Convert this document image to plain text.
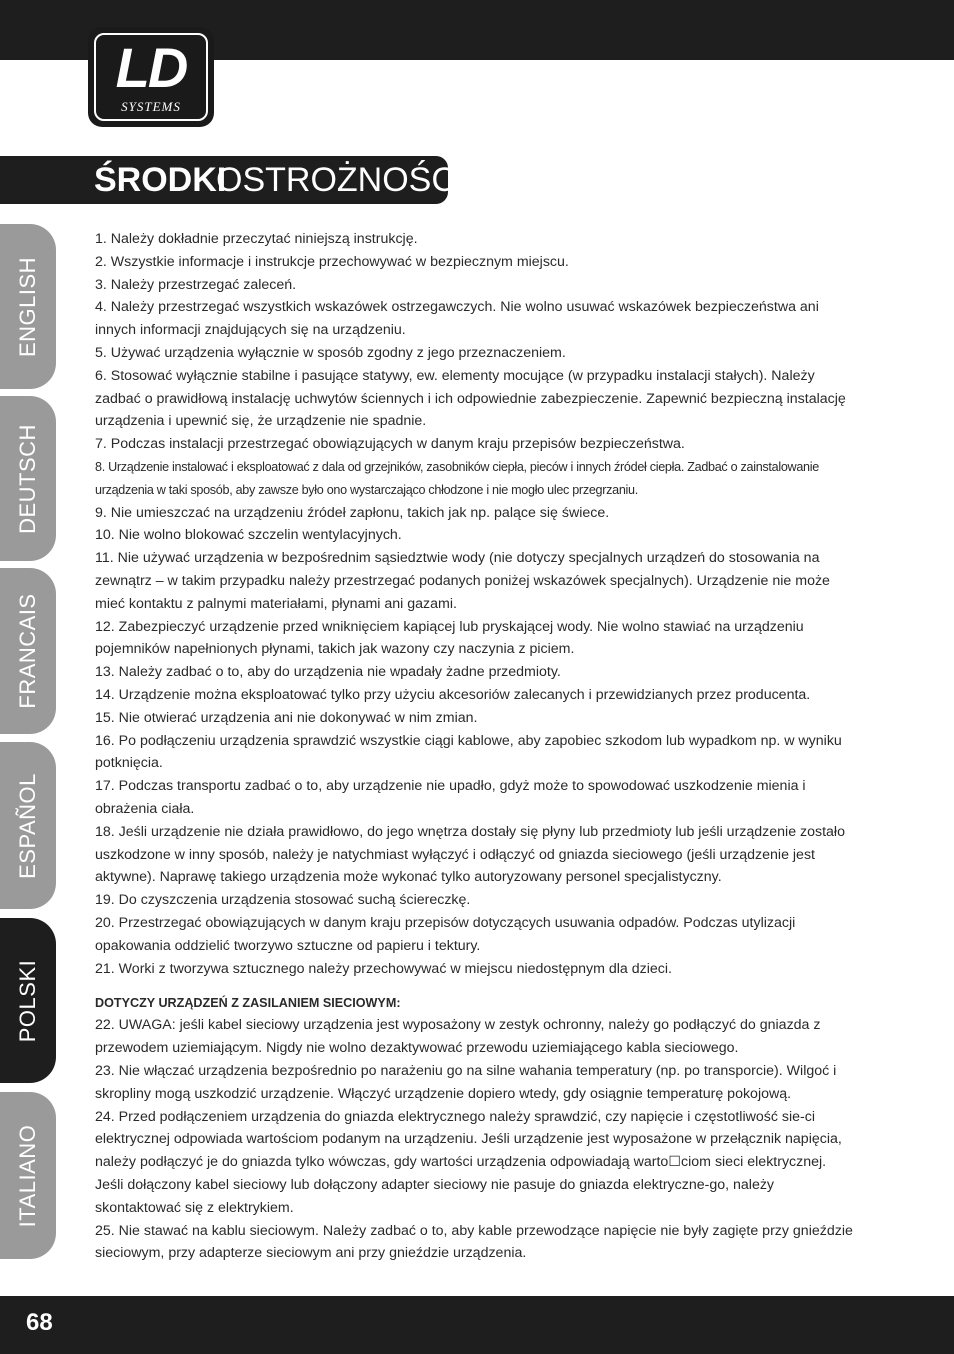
LD
SYSTEMS
ŚRODKI
OSTROŻNOŚCI:
ENGLISH
DEUTSCH
FRANCAIS
ESPAÑOL
POLSKI
ITALIANO

1. Należy dokładnie przeczytać niniejszą instrukcję.

2. Wszystkie informacje i instrukcje przechowywać w bezpiecznym miejscu.

3. Należy przestrzegać zaleceń.

4. Należy przestrzegać wszystkich wskazówek ostrzegawczych. Nie wolno usuwać wskazówek bezpieczeństwa ani innych informacji znajdujących się na urządzeniu.

5. Używać urządzenia wyłącznie w sposób zgodny z jego przeznaczeniem.

6. Stosować wyłącznie stabilne i pasujące statywy, ew. elementy mocujące (w przypadku instalacji stałych). Należy zadbać o prawidłową instalację uchwytów ściennych i ich odpowiednie zabezpieczenie. Zapewnić bezpieczną instalację urządzenia i upewnić się, że urządzenie nie spadnie.

7. Podczas instalacji przestrzegać obowiązujących w danym kraju przepisów bezpieczeństwa.

8. Urządzenie instalować i eksploatować z dala od grzejników, zasobników ciepła, pieców i innych źródeł ciepła. Zadbać o zainstalowanie urządzenia w taki sposób, aby zawsze było ono wystarczająco chłodzone i nie mogło ulec przegrzaniu.

9. Nie umieszczać na urządzeniu źródeł zapłonu, takich jak np. palące się świece.

10. Nie wolno blokować szczelin wentylacyjnych.

11. Nie używać urządzenia w bezpośrednim sąsiedztwie wody (nie dotyczy specjalnych urządzeń do stosowania na zewnątrz – w takim przypadku należy przestrzegać podanych poniżej wskazówek specjalnych). Urządzenie nie może mieć kontaktu z palnymi materiałami, płynami ani gazami.

12. Zabezpieczyć urządzenie przed wniknięciem kapiącej lub pryskającej wody. Nie wolno stawiać na urządzeniu pojemników napełnionych płynami, takich jak wazony czy naczynia z piciem.

13. Należy zadbać o to, aby do urządzenia nie wpadały żadne przedmioty.

14. Urządzenie można eksploatować tylko przy użyciu akcesoriów zalecanych i przewidzianych przez producenta.

15. Nie otwierać urządzenia ani nie dokonywać w nim zmian.

16. Po podłączeniu urządzenia sprawdzić wszystkie ciągi kablowe, aby zapobiec szkodom lub wypadkom np. w wyniku potknięcia.

17. Podczas transportu zadbać o to, aby urządzenie nie upadło, gdyż może to spowodować uszkodzenie mienia i obrażenia ciała.

18. Jeśli urządzenie nie działa prawidłowo, do jego wnętrza dostały się płyny lub przedmioty lub jeśli urządzenie zostało uszkodzone w inny sposób, należy je natychmiast wyłączyć i odłączyć od gniazda sieciowego (jeśli urządzenie jest aktywne). Naprawę takiego urządzenia może wykonać tylko autoryzowany personel specjalistyczny.

19. Do czyszczenia urządzenia stosować suchą ściereczkę.

20. Przestrzegać obowiązujących w danym kraju przepisów dotyczących usuwania odpadów. Podczas utylizacji opakowania oddzielić tworzywo sztuczne od papieru i tektury.

21. Worki z tworzywa sztucznego należy przechowywać w miejscu niedostępnym dla dzieci.

DOTYCZY URZĄDZEŃ Z ZASILANIEM SIECIOWYM:

22. UWAGA: jeśli kabel sieciowy urządzenia jest wyposażony w zestyk ochronny, należy go podłączyć do gniazda z przewodem uziemiającym. Nigdy nie wolno dezaktywować przewodu uziemiającego kabla sieciowego.

23. Nie włączać urządzenia bezpośrednio po narażeniu go na silne wahania temperatury (np. po transporcie). Wilgoć i skropliny mogą uszkodzić urządzenie. Włączyć urządzenie dopiero wtedy, gdy osiągnie temperaturę pokojową.

24. Przed podłączeniem urządzenia do gniazda elektrycznego należy sprawdzić, czy napięcie i częstotliwość sie-ci elektrycznej odpowiada wartościom podanym na urządzeniu. Jeśli urządzenie jest wyposażone w przełącznik napięcia, należy podłączyć je do gniazda tylko wówczas, gdy wartości urządzenia odpowiadają warto☐ciom sieci elektrycznej. Jeśli dołączony kabel sieciowy lub dołączony adapter sieciowy nie pasuje do gniazda elektryczne-go, należy skontaktować się z elektrykiem.

25. Nie stawać na kablu sieciowym. Należy zadbać o to, aby kable przewodzące napięcie nie były zagięte przy gnieździe sieciowym, przy adapterze sieciowym ani przy gnieździe urządzenia.

68
